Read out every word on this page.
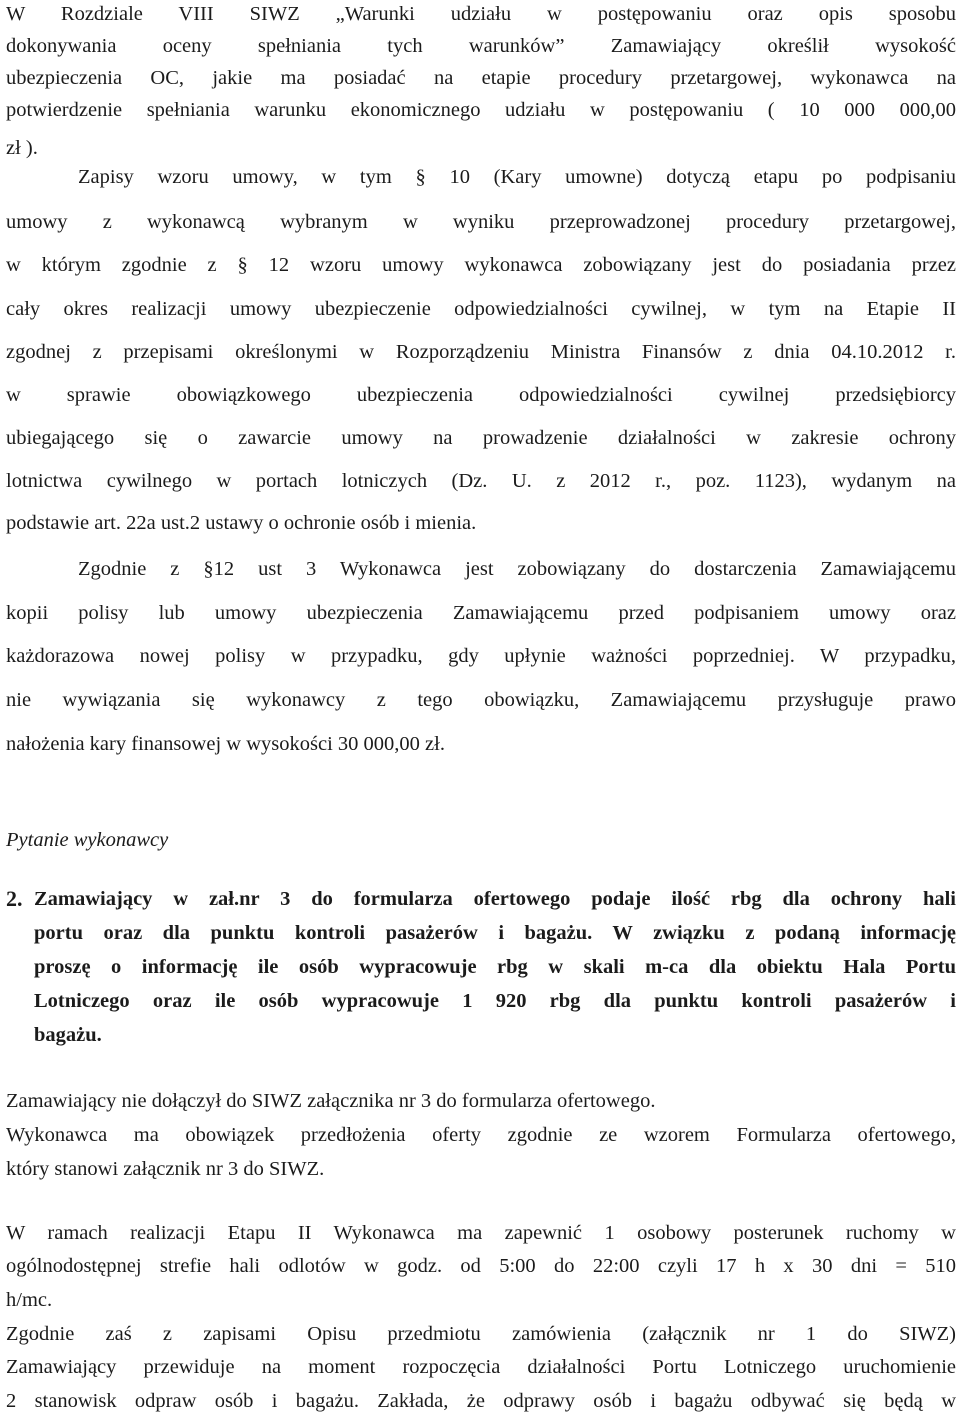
W Rozdziale VIII SIWZ „Warunki udziału w postępowaniu oraz opis sposobu
dokonywania oceny spełniania tych warunków” Zamawiający określił wysokość
ubezpieczenia OC, jakie ma posiadać na etapie procedury przetargowej, wykonawca na
potwierdzenie spełniania warunku ekonomicznego udziału w postępowaniu ( 10 000 000,00
zł ).
Zapisy wzoru umowy, w tym § 10 (Kary umowne) dotyczą etapu po podpisaniu
umowy z wykonawcą wybranym w wyniku przeprowadzonej procedury przetargowej,
w którym zgodnie z § 12 wzoru umowy wykonawca zobowiązany jest do posiadania przez
cały okres realizacji umowy ubezpieczenie odpowiedzialności cywilnej, w tym na Etapie II
zgodnej z przepisami określonymi w Rozporządzeniu Ministra Finansów z dnia 04.10.2012 r.
w sprawie obowiązkowego ubezpieczenia odpowiedzialności cywilnej przedsiębiorcy
ubiegającego się o zawarcie umowy na prowadzenie działalności w zakresie ochrony
lotnictwa cywilnego w portach lotniczych (Dz. U. z 2012 r., poz. 1123), wydanym na
podstawie art. 22a ust.2 ustawy o ochronie osób i mienia.
Zgodnie z §12 ust 3 Wykonawca jest zobowiązany do dostarczenia Zamawiającemu
kopii polisy lub umowy ubezpieczenia Zamawiającemu przed podpisaniem umowy oraz
każdorazowa nowej polisy w przypadku, gdy upłynie ważności poprzedniej. W przypadku,
nie wywiązania się wykonawcy z tego obowiązku, Zamawiającemu przysługuje prawo
nałożenia kary finansowej w wysokości 30 000,00 zł.
Pytanie wykonawcy
2. Zamawiający w zał.nr 3 do formularza ofertowego podaje ilość rbg dla ochrony hali
portu oraz dla punktu kontroli pasażerów i bagażu. W związku z podaną informację
proszę o informację ile osób wypracowuje rbg w skali m-ca dla obiektu Hala Portu
Lotniczego oraz ile osób wypracowuje 1 920 rbg dla punktu kontroli pasażerów i
bagażu.
Zamawiający nie dołączył do SIWZ załącznika nr 3 do formularza ofertowego.
Wykonawca ma obowiązek przedłożenia oferty zgodnie ze wzorem Formularza ofertowego,
który stanowi załącznik nr 3 do SIWZ.
W ramach realizacji Etapu II Wykonawca ma zapewnić 1 osobowy posterunek ruchomy w
ogólnodostępnej strefie hali odlotów w godz. od 5:00 do 22:00 czyli 17 h x 30 dni = 510
h/mc.
Zgodnie zaś z zapisami Opisu przedmiotu zamówienia (załącznik nr 1 do SIWZ)
Zamawiający przewiduje na moment rozpoczęcia działalności Portu Lotniczego uruchomienie
2 stanowisk odpraw osób i bagażu. Zakłada, że odprawy osób i bagażu odbywać się będą w
